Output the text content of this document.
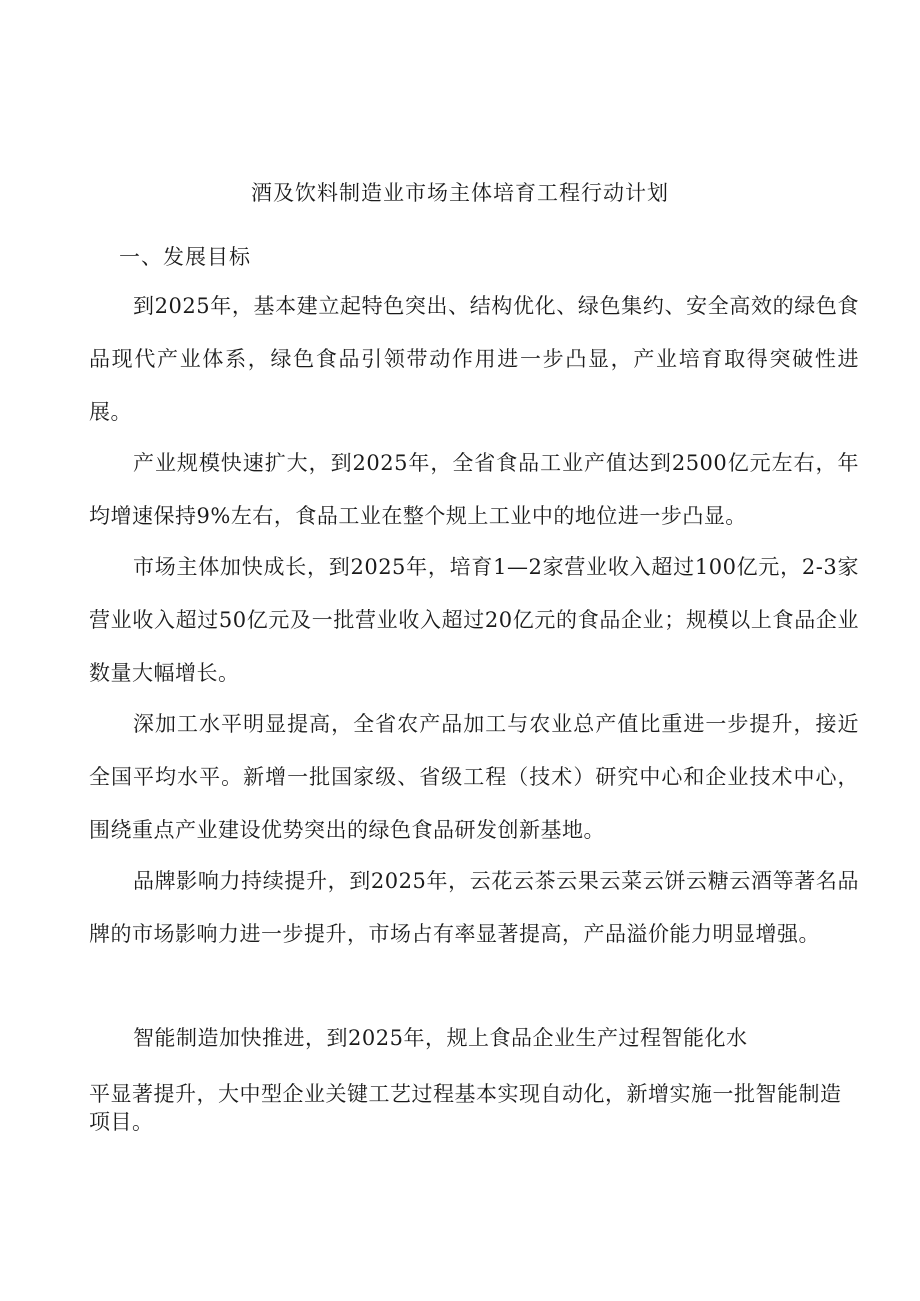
酒及饮料制造业市场主体培育工程行动计划
一、发展目标

到2025年，基本建立起特色突出、结构优化、绿色集约、安全高效的绿色食品现代产业体系，绿色食品引领带动作用进一步凸显，产业培育取得突破性进展。

产业规模快速扩大，到2025年，全省食品工业产值达到2500亿元左右，年均增速保持9%左右，食品工业在整个规上工业中的地位进一步凸显。

市场主体加快成长，到2025年，培育1—2家营业收入超过100亿元，2-3家营业收入超过50亿元及一批营业收入超过20亿元的食品企业；规模以上食品企业数量大幅增长。

深加工水平明显提高，全省农产品加工与农业总产值比重进一步提升，接近全国平均水平。新增一批国家级、省级工程（技术）研究中心和企业技术中心，围绕重点产业建设优势突出的绿色食品研发创新基地。

品牌影响力持续提升，到2025年，云花云茶云果云菜云饼云糖云酒等著名品牌的市场影响力进一步提升，市场占有率显著提高，产品溢价能力明显增强。

智能制造加快推进，到2025年，规上食品企业生产过程智能化水

平显著提升，大中型企业关键工艺过程基本实现自动化，新增实施一批智能制造项目。
